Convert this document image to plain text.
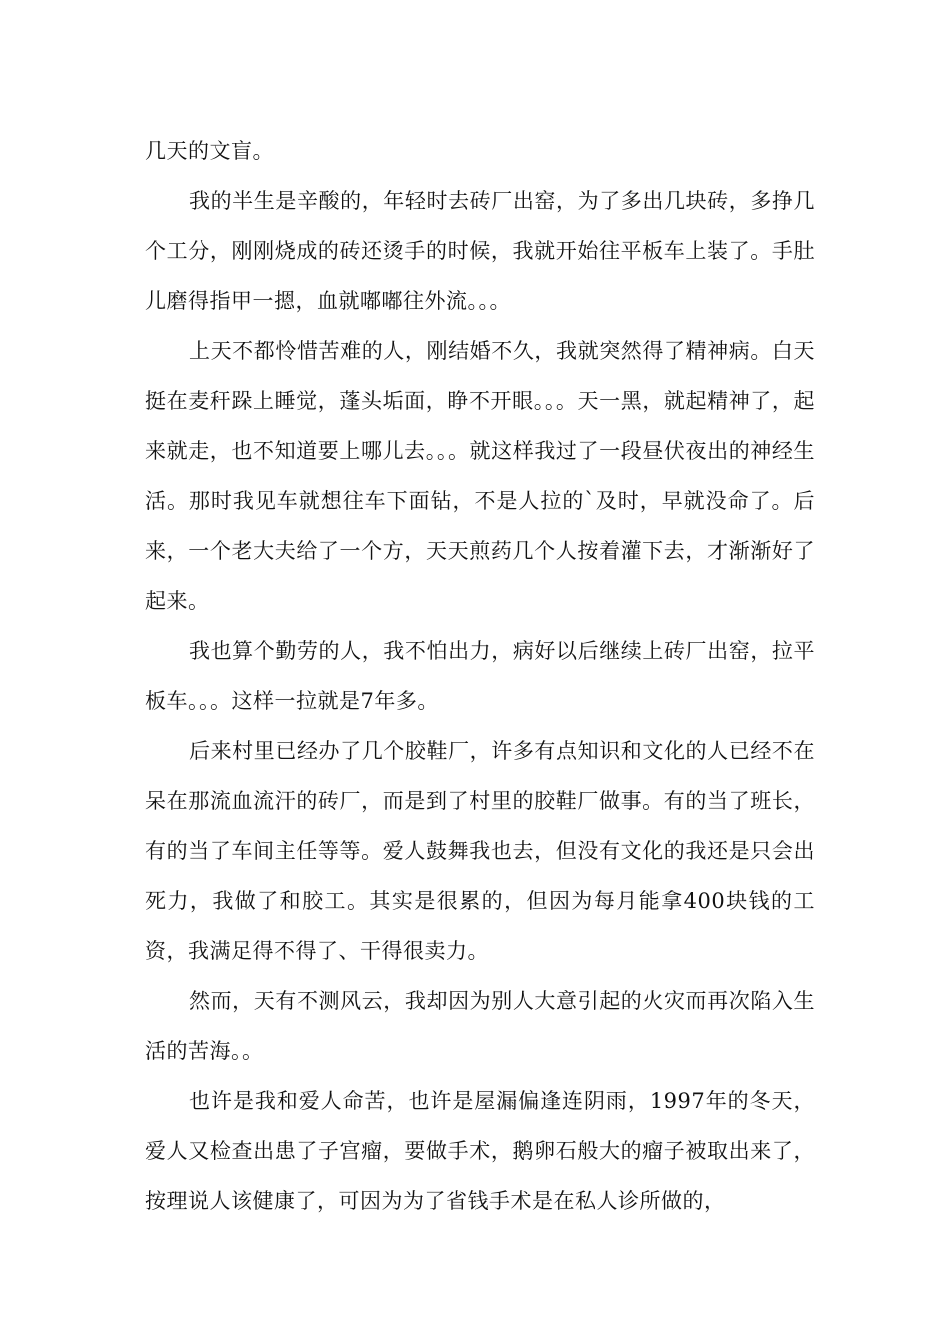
几天的文盲。

我的半生是辛酸的，年轻时去砖厂出窑，为了多出几块砖，多挣几个工分，刚刚烧成的砖还烫手的时候，我就开始往平板车上装了。手肚儿磨得指甲一摁，血就嘟嘟往外流。。。

上天不都怜惜苦难的人，刚结婚不久，我就突然得了精神病。白天挺在麦秆跺上睡觉，蓬头垢面，睁不开眼。。。天一黑，就起精神了，起来就走，也不知道要上哪儿去。。。就这样我过了一段昼伏夜出的神经生活。那时我见车就想往车下面钻，不是人拉的`及时，早就没命了。后来，一个老大夫给了一个方，天天煎药几个人按着灌下去，才渐渐好了起来。

我也算个勤劳的人，我不怕出力，病好以后继续上砖厂出窑，拉平板车。。。这样一拉就是7年多。

后来村里已经办了几个胶鞋厂，许多有点知识和文化的人已经不在呆在那流血流汗的砖厂，而是到了村里的胶鞋厂做事。有的当了班长，有的当了车间主任等等。爱人鼓舞我也去，但没有文化的我还是只会出死力，我做了和胶工。其实是很累的，但因为每月能拿400块钱的工资，我满足得不得了、干得很卖力。

然而，天有不测风云，我却因为别人大意引起的火灾而再次陷入生活的苦海。。

也许是我和爱人命苦，也许是屋漏偏逢连阴雨，1997年的冬天，爱人又检查出患了子宫瘤，要做手术，鹅卵石般大的瘤子被取出来了，按理说人该健康了，可因为为了省钱手术是在私人诊所做的，
